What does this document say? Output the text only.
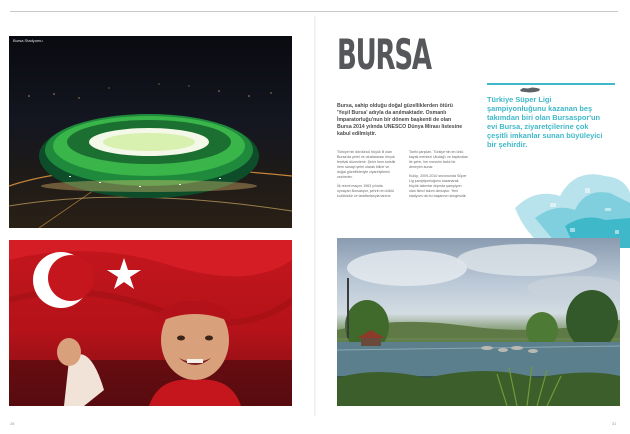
Bursa Stadyumu	BURSA
Bursa, sahip olduğu doğal güzelliklerden ötürü 'Yeşil Bursa' adıyla da anılmaktadır. Osmanlı İmparatorluğu'nun bir dönem başkenti de olan Bursa 2014 yılında UNESCO Dünya Mirası listesine kabul edilmiştir.

Türkiye'nin dördüncü büyük ili olan Bursa'da yerel ve uluslararası birçok festival düzenlenir. Şehir hem turistik hem sanayi şehri olarak bilinir ve doğal güzellikleriyle ziyaretçilerini cezbeder.

İlk resmi maçını 1963 yılında oynayan Bursaspor, şehrin en köklü kulübüdür ve taraftarlarıyla tanınır.

Tarihi çarşıları, Türkiye'nin en ünlü kayak merkezi Uludağ'ı ve kaplıcaları ile şehir, her mevsim farklı bir deneyim sunar.

Kulüp, 2009-2010 sezonunda Süper Lig şampiyonluğunu kazanarak büyük takımlar dışında şampiyon olan ikinci takım olmuştur. Yeni stadyum da bu başarının simgesidir.

Türkiye Süper Ligi şampiyonluğunu kazanan beş takımdan biri olan Bursaspor'un evi Bursa, ziyaretçilerine çok çeşitli imkanlar sunan büyüleyici bir şehirdir.
28	31
